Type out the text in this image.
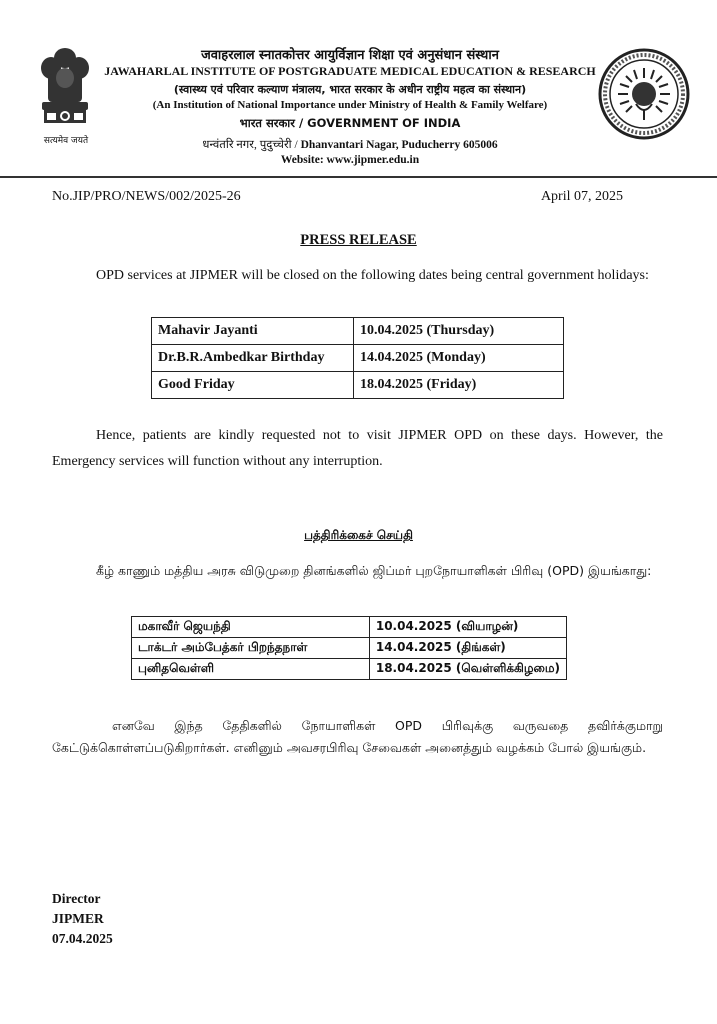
सत्यमेव जयते
जवाहरलाल स्नातकोत्तर आयुर्विज्ञान शिक्षा एवं अनुसंधान संस्थान
JAWAHARLAL INSTITUTE OF POSTGRADUATE MEDICAL EDUCATION & RESEARCH
(स्वास्थ्य एवं परिवार कल्याण मंत्रालय, भारत सरकार के अधीन राष्ट्रीय महत्व का संस्थान)
(An Institution of National Importance under Ministry of Health & Family Welfare)
भारत सरकार / GOVERNMENT OF INDIA
धन्वंतरि नगर, पुदुच्चेरी / Dhanvantari Nagar, Puducherry 605006
Website: www.jipmer.edu.in
No.JIP/PRO/NEWS/002/2025-26	April 07, 2025
PRESS RELEASE
OPD services at JIPMER will be closed on the following dates being central government holidays:
Mahavir Jayanti	10.04.2025 (Thursday)
Dr.B.R.Ambedkar Birthday	14.04.2025 (Monday)
Good Friday	18.04.2025 (Friday)
Hence, patients are kindly requested not to visit JIPMER OPD on these days. However, the Emergency services will function without any interruption.
பத்திரிக்கைச் செய்தி
கீழ் காணும் மத்திய அரசு விடுமுறை தினங்களில் ஜிப்மர் புறநோயாளிகள் பிரிவு (OPD) இயங்காது:
மகாவீர் ஜெயந்தி	10.04.2025 (வியாழன்)
டாக்டர் அம்பேத்கர் பிறந்தநாள்	14.04.2025 (திங்கள்)
புனிதவெள்ளி	18.04.2025 (வெள்ளிக்கிழமை)
எனவே இந்த தேதிகளில் நோயாளிகள் OPD பிரிவுக்கு வருவதை தவிர்க்குமாறு கேட்டுக்கொள்ளப்படுகிறார்கள். எனினும் அவசரபிரிவு சேவைகள் அனைத்தும் வழக்கம் போல் இயங்கும்.
Director
JIPMER
07.04.2025
